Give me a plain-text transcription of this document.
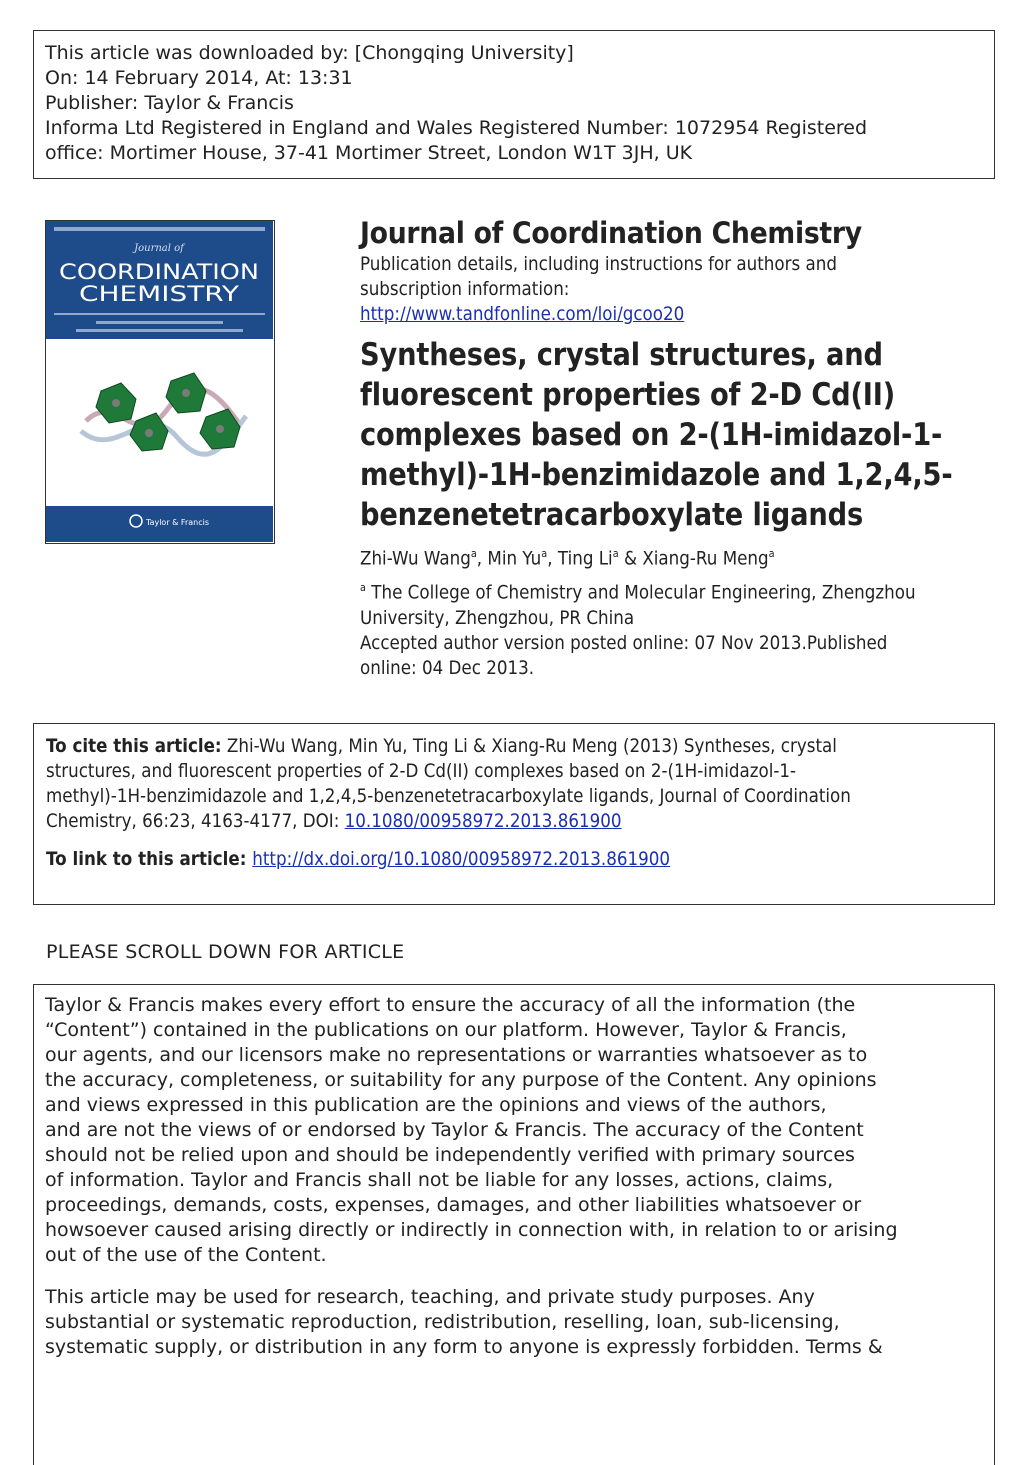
This article was downloaded by: [Chongqing University]
On: 14 February 2014, At: 13:31
Publisher: Taylor & Francis
Informa Ltd Registered in England and Wales Registered Number: 1072954 Registered
office: Mortimer House, 37-41 Mortimer Street, London W1T 3JH, UK
Journal of
COORDINATION
CHEMISTRY
Taylor & Francis
Journal of Coordination Chemistry
Publication details, including instructions for authors and
subscription information:
http://www.tandfonline.com/loi/gcoo20
Syntheses, crystal structures, and
fluorescent properties of 2-D Cd(II)
complexes based on 2-(1H-imidazol-1-
methyl)-1H-benzimidazole and 1,2,4,5-
benzenetetracarboxylate ligands
Zhi-Wu Wang$^a$, Min Yu$^a$, Ting Li$^a$ & Xiang-Ru Meng$^a$
$^a$ The College of Chemistry and Molecular Engineering, Zhengzhou
University, Zhengzhou, PR China
Accepted author version posted online: 07 Nov 2013.Published
online: 04 Dec 2013.
To cite this article: Zhi-Wu Wang, Min Yu, Ting Li & Xiang-Ru Meng (2013) Syntheses, crystal
structures, and fluorescent properties of 2-D Cd(II) complexes based on 2-(1H-imidazol-1-
methyl)-1H-benzimidazole and 1,2,4,5-benzenetetracarboxylate ligands, Journal of Coordination
Chemistry, 66:23, 4163-4177, DOI: 10.1080/00958972.2013.861900
To link to this article: http://dx.doi.org/10.1080/00958972.2013.861900
PLEASE SCROLL DOWN FOR ARTICLE

Taylor & Francis makes every effort to ensure the accuracy of all the information (the
“Content”) contained in the publications on our platform. However, Taylor & Francis,
our agents, and our licensors make no representations or warranties whatsoever as to
the accuracy, completeness, or suitability for any purpose of the Content. Any opinions
and views expressed in this publication are the opinions and views of the authors,
and are not the views of or endorsed by Taylor & Francis. The accuracy of the Content
should not be relied upon and should be independently verified with primary sources
of information. Taylor and Francis shall not be liable for any losses, actions, claims,
proceedings, demands, costs, expenses, damages, and other liabilities whatsoever or
howsoever caused arising directly or indirectly in connection with, in relation to or arising
out of the use of the Content.

This article may be used for research, teaching, and private study purposes. Any
substantial or systematic reproduction, redistribution, reselling, loan, sub-licensing,
systematic supply, or distribution in any form to anyone is expressly forbidden. Terms &
